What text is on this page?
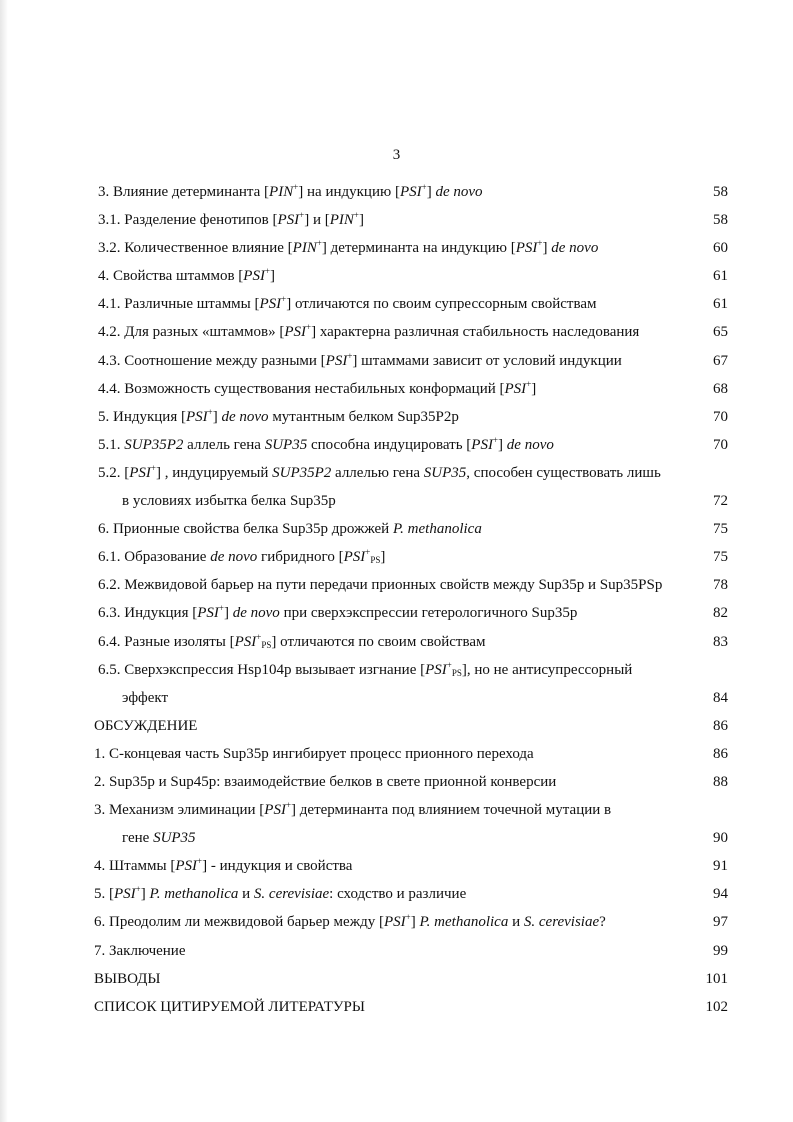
3
3. Влияние детерминанта [PIN+] на индукцию [PSI+] de novo	58
3.1. Разделение фенотипов [PSI+] и [PIN+]	58
3.2. Количественное влияние [PIN+] детерминанта на индукцию [PSI+] de novo	60
4. Свойства штаммов [PSI+]	61
4.1. Различные штаммы [PSI+] отличаются по своим супрессорным свойствам	61
4.2. Для разных «штаммов» [PSI+] характерна различная стабильность наследования	65
4.3. Соотношение между разными [PSI+] штаммами зависит от условий индукции	67
4.4. Возможность существования нестабильных конформаций [PSI+]	68
5. Индукция [PSI+] de novo мутантным белком Sup35P2p	70
5.1. SUP35P2 аллель гена SUP35 способна индуцировать [PSI+] de novo	70
5.2. [PSI+] , индуцируемый SUP35P2 аллелью гена SUP35, способен существовать лишь
в условиях избытка белка Sup35p	72
6. Прионные свойства белка Sup35p дрожжей P. methanolica	75
6.1. Образование de novo гибридного $[PSI^+_{PS}]$	75
6.2. Межвидовой барьер на пути передачи прионных свойств между Sup35p и Sup35PSp	78
6.3. Индукция [PSI+] de novo при сверхэкспрессии гетерологичного Sup35p	82
6.4. Разные изоляты $[PSI^+_{PS}]$ отличаются по своим свойствам	83
6.5. Сверхэкспрессия Hsp104p вызывает изгнание $[PSI^+_{PS}]$, но не антисупрессорный
эффект	84
ОБСУЖДЕНИЕ	86
1. С-концевая часть Sup35p ингибирует процесс прионного перехода	86
2. Sup35p и Sup45p: взаимодействие белков в свете прионной конверсии	88
3. Механизм элиминации [PSI+] детерминанта под влиянием точечной мутации в
гене SUP35	90
4. Штаммы [PSI+] - индукция и свойства	91
5. [PSI+] P. methanolica и S. cerevisiae: сходство и различие	94
6. Преодолим ли межвидовой барьер между [PSI+] P. methanolica и S. cerevisiae?	97
7. Заключение	99
ВЫВОДЫ	101
СПИСОК ЦИТИРУЕМОЙ ЛИТЕРАТУРЫ	102
